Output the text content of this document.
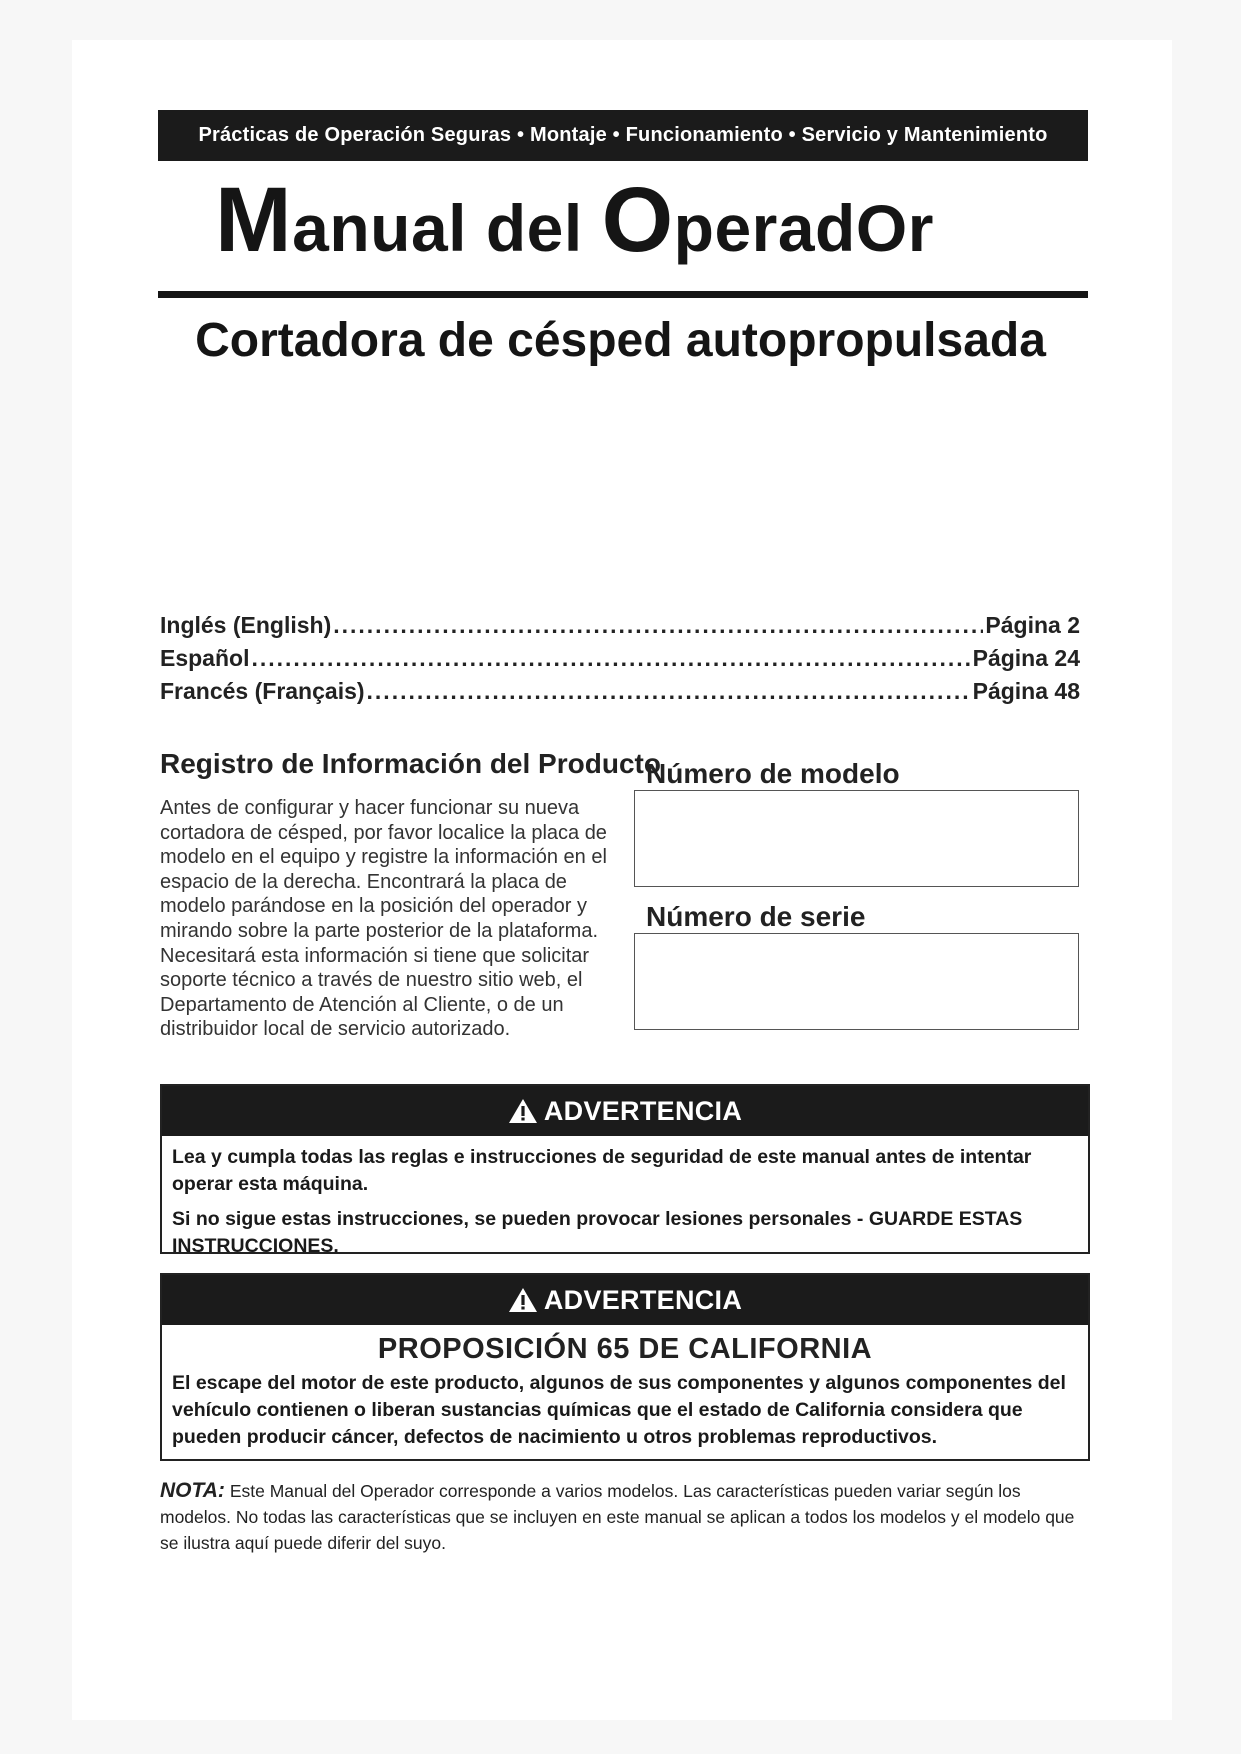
Prácticas de Operación Seguras • Montaje • Funcionamiento • Servicio y Mantenimiento
Manual del OperadOr
Cortadora de césped autopropulsada
Inglés (English) .....	Página 2
Español .....	Página 24
Francés (Français) .....	Página 48
Registro de Información del Producto
Antes de configurar y hacer funcionar su nueva cortadora de césped, por favor localice la placa de modelo en el equipo y registre la información en el espacio de la derecha. Encontrará la placa de modelo parándose en la posición del operador y mirando sobre la parte posterior de la plataforma. Necesitará esta información si tiene que solicitar soporte técnico a través de nuestro sitio web, el Departamento de Atención al Cliente, o de un distribuidor local de servicio autorizado.
Número de modelo
Número de serie
ADVERTENCIA

Lea y cumpla todas las reglas e instrucciones de seguridad de este manual antes de intentar operar esta máquina.

Si no sigue estas instrucciones, se pueden provocar lesiones personales - GUARDE ESTAS INSTRUCCIONES.

ADVERTENCIA
PROPOSICIÓN 65 DE CALIFORNIA
El escape del motor de este producto, algunos de sus componentes y algunos componentes del vehículo contienen o liberan sustancias químicas que el estado de California considera que pueden producir cáncer, defectos de nacimiento u otros problemas reproductivos.
NOTA: Este Manual del Operador corresponde a varios modelos. Las características pueden variar según los modelos. No todas las características que se incluyen en este manual se aplican a todos los modelos y el modelo que se ilustra aquí puede diferir del suyo.
